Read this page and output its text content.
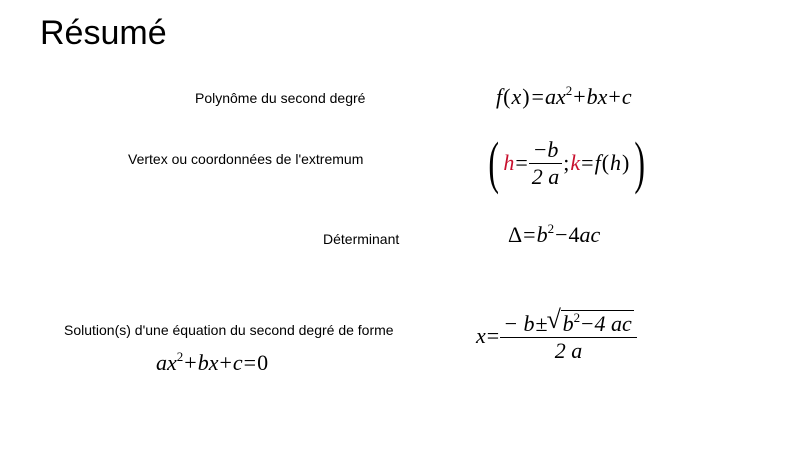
Résumé
Polynôme du second degré	$f(x)=ax^2+bx+c$
Vertex ou coordonnées de l'extremum ( $h= \frac{-b}{2 a}$ ;k=f(h))
Déterminant	$\Delta=b^2-4ac$
Solution(s) d'une équation du second degré de forme
$ax^2+bx+c=0$
$x= \frac{- b\pm √ b^2-4 ac}{2 a}$
